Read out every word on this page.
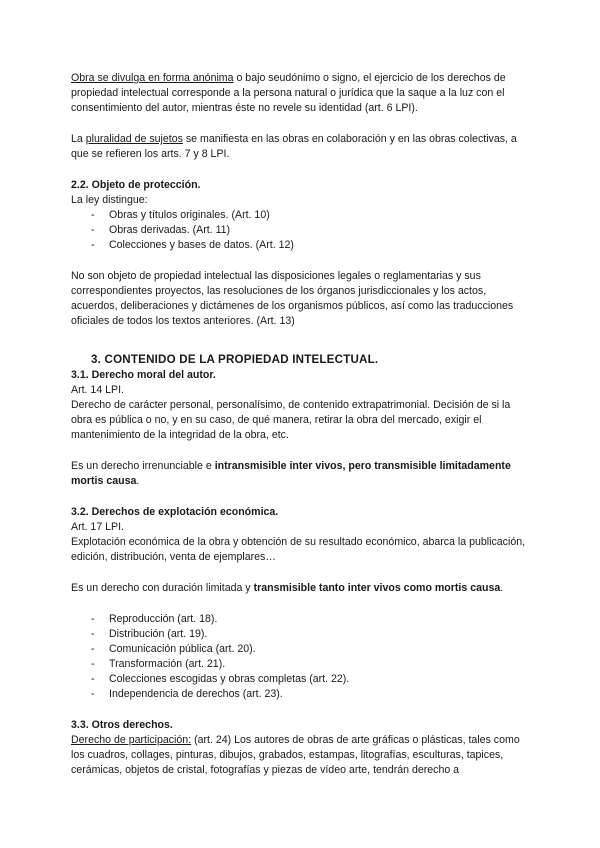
Obra se divulga en forma anónima o bajo seudónimo o signo, el ejercicio de los derechos de propiedad intelectual corresponde a la persona natural o jurídica que la saque a la luz con el consentimiento del autor, mientras éste no revele su identidad (art. 6 LPI).

La pluralidad de sujetos se manifiesta en las obras en colaboración y en las obras colectivas, a que se refieren los arts. 7 y 8 LPI.

2.2. Objeto de protección.

La ley distingue:

- Obras y títulos originales. (Art. 10)
- Obras derivadas. (Art. 11)
- Colecciones y bases de datos. (Art. 12)

No son objeto de propiedad intelectual las disposiciones legales o reglamentarias y sus correspondientes proyectos, las resoluciones de los órganos jurisdiccionales y los actos, acuerdos, deliberaciones y dictámenes de los organismos públicos, así como las traducciones oficiales de todos los textos anteriores. (Art. 13)

3. CONTENIDO DE LA PROPIEDAD INTELECTUAL.
3.1. Derecho moral del autor.

Art. 14 LPI.

Derecho de carácter personal, personalísimo, de contenido extrapatrimonial. Decisión de si la obra es pública o no, y en su caso, de qué manera, retirar la obra del mercado, exigir el mantenimiento de la integridad de la obra, etc.

Es un derecho irrenunciable e intransmisible inter vivos, pero transmisible limitadamente mortis causa.

3.2. Derechos de explotación económica.

Art. 17 LPI.

Explotación económica de la obra y obtención de su resultado económico, abarca la publicación, edición, distribución, venta de ejemplares…

Es un derecho con duración limitada y transmisible tanto inter vivos como mortis causa.

- Reproducción (art. 18).
- Distribución (art. 19).
- Comunicación pública (art. 20).
- Transformación (art. 21).
- Colecciones escogidas y obras completas (art. 22).
- Independencia de derechos (art. 23).
3.3. Otros derechos.

Derecho de participación: (art. 24) Los autores de obras de arte gráficas o plásticas, tales como los cuadros, collages, pinturas, dibujos, grabados, estampas, litografías, esculturas, tapices, cerámicas, objetos de cristal, fotografías y piezas de vídeo arte, tendrán derecho a
